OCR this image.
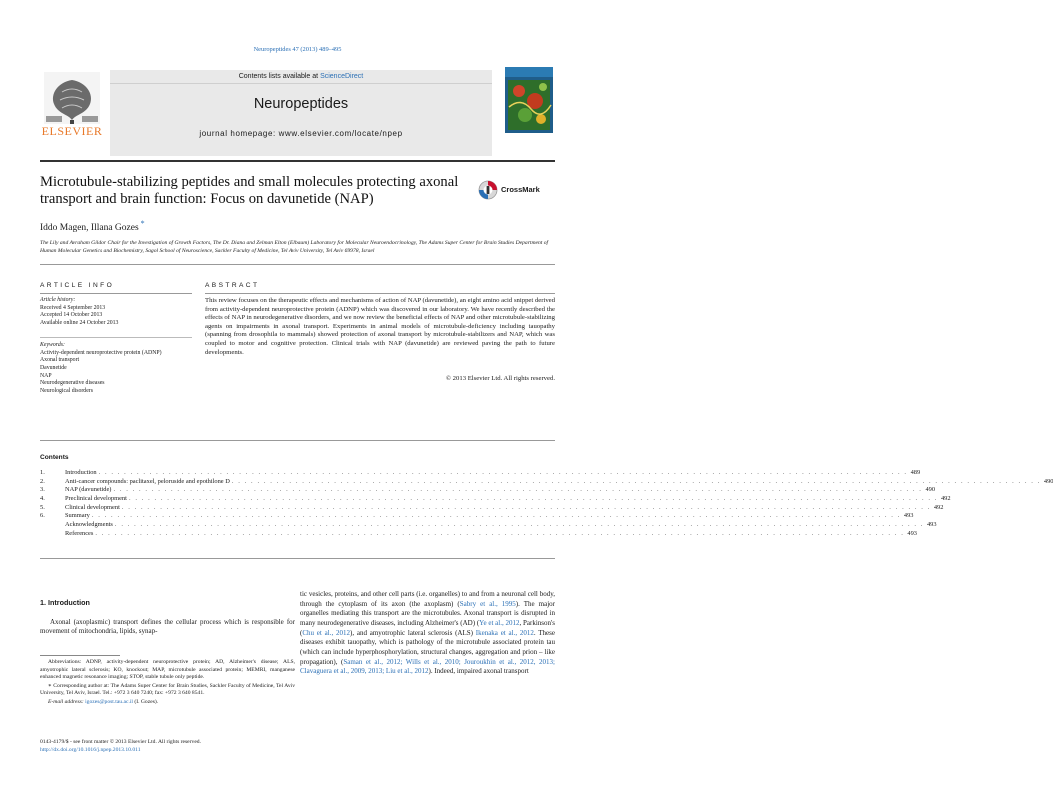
Neuropeptides 47 (2013) 489–495
ELSEVIER
Contents lists available at ScienceDirect
Neuropeptides
journal homepage: www.elsevier.com/locate/npep
Microtubule-stabilizing peptides and small molecules protecting axonal transport and brain function: Focus on davunetide (NAP)
CrossMark
Iddo Magen, Illana Gozes *
The Lily and Avraham Gildor Chair for the Investigation of Growth Factors, The Dr. Diana and Zelman Elton (Elbaum) Laboratory for Molecular Neuroendocrinology, The Adams Super Center for Brain Studies Department of Human Molecular Genetics and Biochemistry, Sagol School of Neuroscience, Sackler Faculty of Medicine, Tel Aviv University, Tel Aviv 69978, Israel
ARTICLE INFO	ABSTRACT
Article history:
Received 4 September 2013
Accepted 14 October 2013
Available online 24 October 2013
Keywords:
Activity-dependent neuroprotective protein (ADNP)
Axonal transport
Davunetide
NAP
Neurodegenerative diseases
Neurological disorders
This review focuses on the therapeutic effects and mechanisms of action of NAP (davunetide), an eight amino acid snippet derived from activity-dependent neuroprotective protein (ADNP) which was discovered in our laboratory. We have recently described the effects of NAP in neurodegenerative disorders, and we now review the beneficial effects of NAP and other microtubule-stabilizing agents on impairments in axonal transport. Experiments in animal models of microtubule-deficiency including tauopathy (spanning from drosophila to mammals) showed protection of axonal transport by microtubule-stabilizers and NAP, which was coupled to motor and cognitive protection. Clinical trials with NAP (davunetide) are reviewed paving the path to future developments.
© 2013 Elsevier Ltd. All rights reserved.
Contents
1.	Introduction . . . . . . . . . . . . . . . . . . . . . . . . . . . . . . . . . . . . . . . . . . . . . . . . . . . . . . . . . . . . . . . . . . . . . . . . . . . . . . . . . . . . . . . . . . . . . . . . . . . . . . . . . . . . . . . . . . . . . . . . . . . . . . . 489
2.	Anti-cancer compounds: paclitaxel, peloruside and epothilone D . . . . . . . . . . . . . . . . . . . . . . . . . . . . . . . . . . . . . . . . . . . . . . . . . . . . . . . . . . . . . . . . . . . . . . . . . . . . . . . . . . . . . . . . . . . . . . . . . . . . . . . . . . . . . . . . . . . . . . . . . . . . . . . 490
3.	NAP (davunetide) . . . . . . . . . . . . . . . . . . . . . . . . . . . . . . . . . . . . . . . . . . . . . . . . . . . . . . . . . . . . . . . . . . . . . . . . . . . . . . . . . . . . . . . . . . . . . . . . . . . . . . . . . . . . . . . . . . . . . . . . . . . . . . . 490
4.	Preclinical development . . . . . . . . . . . . . . . . . . . . . . . . . . . . . . . . . . . . . . . . . . . . . . . . . . . . . . . . . . . . . . . . . . . . . . . . . . . . . . . . . . . . . . . . . . . . . . . . . . . . . . . . . . . . . . . . . . . . . . . . . . . . . . . 492
5.	Clinical development . . . . . . . . . . . . . . . . . . . . . . . . . . . . . . . . . . . . . . . . . . . . . . . . . . . . . . . . . . . . . . . . . . . . . . . . . . . . . . . . . . . . . . . . . . . . . . . . . . . . . . . . . . . . . . . . . . . . . . . . . . . . . . . 492
6.	Summary . . . . . . . . . . . . . . . . . . . . . . . . . . . . . . . . . . . . . . . . . . . . . . . . . . . . . . . . . . . . . . . . . . . . . . . . . . . . . . . . . . . . . . . . . . . . . . . . . . . . . . . . . . . . . . . . . . . . . . . . . . . . . . . 493
Acknowledgments . . . . . . . . . . . . . . . . . . . . . . . . . . . . . . . . . . . . . . . . . . . . . . . . . . . . . . . . . . . . . . . . . . . . . . . . . . . . . . . . . . . . . . . . . . . . . . . . . . . . . . . . . . . . . . . . . . . . . . . . . . . . . . . 493
References . . . . . . . . . . . . . . . . . . . . . . . . . . . . . . . . . . . . . . . . . . . . . . . . . . . . . . . . . . . . . . . . . . . . . . . . . . . . . . . . . . . . . . . . . . . . . . . . . . . . . . . . . . . . . . . . . . . . . . . . . . . . . . . 493
1. Introduction
Axonal (axoplasmic) transport defines the cellular process which is responsible for movement of mitochondria, lipids, synap-

Abbreviations: ADNP, activity-dependent neuroprotective protein; AD, Alzheimer's disease; ALS, amyotrophic lateral sclerosis; KO, knockout; MAP, microtubule associated protein; MEMRI, manganese enhanced magnetic resonance imaging; STOP, stable tubule only peptide.

∗ Corresponding author at: The Adams Super Center for Brain Studies, Sackler Faculty of Medicine, Tel Aviv University, Tel Aviv, Israel. Tel.: +972 3 640 7240; fax: +972 3 640 8541.

E-mail address: igozes@post.tau.ac.il (I. Gozes).

0143-4179/$ - see front matter © 2013 Elsevier Ltd. All rights reserved.
http://dx.doi.org/10.1016/j.npep.2013.10.011
tic vesicles, proteins, and other cell parts (i.e. organelles) to and from a neuronal cell body, through the cytoplasm of its axon (the axoplasm) (Sabry et al., 1995). The major organelles mediating this transport are the microtubules. Axonal transport is disrupted in many neurodegenerative diseases, including Alzheimer's (AD) (Ye et al., 2012, Parkinson's (Chu et al., 2012), and amyotrophic lateral sclerosis (ALS) Ikenaka et al., 2012. These diseases exhibit tauopathy, which is pathology of the microtubule associated protein tau (which can include hyperphosphorylation, structural changes, aggregation and prion – like propagation), (Saman et al., 2012; Wills et al., 2010; Jouroukhin et al., 2012, 2013; Clavaguera et al., 2009, 2013; Liu et al., 2012). Indeed, impaired axonal transport
